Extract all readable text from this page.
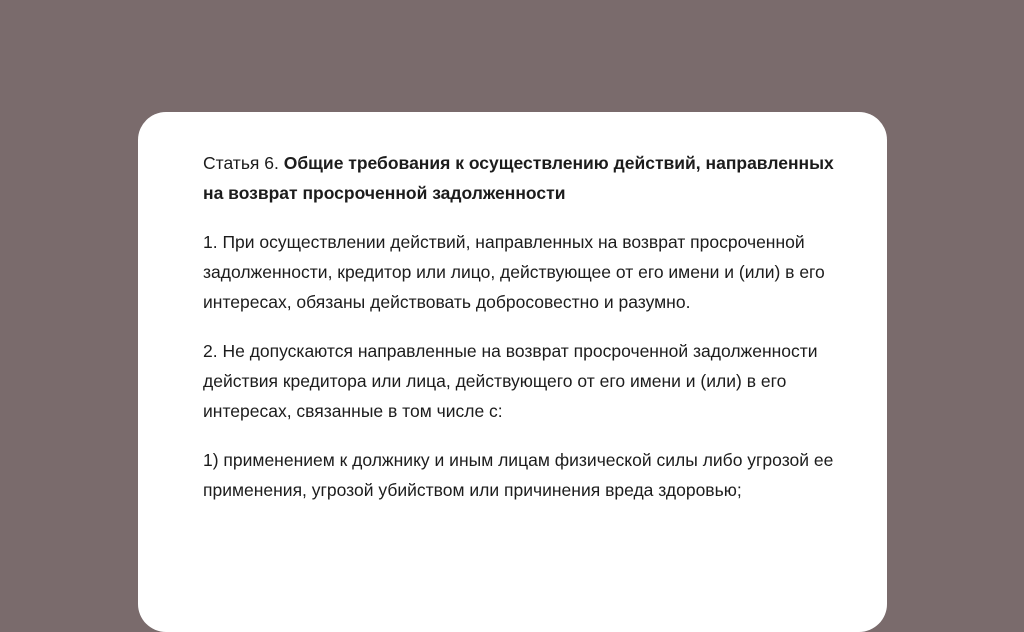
Статья 6. Общие требования к осуществлению действий, направленных на возврат просроченной задолженности

1. При осуществлении действий, направленных на возврат просроченной задолженности, кредитор или лицо, действующее от его имени и (или) в его интересах, обязаны действовать добросовестно и разумно.

2. Не допускаются направленные на возврат просроченной задолженности действия кредитора или лица, действующего от его имени и (или) в его интересах, связанные в том числе с:

1) применением к должнику и иным лицам физической силы либо угрозой ее применения, угрозой убийством или причинения вреда здоровью;
